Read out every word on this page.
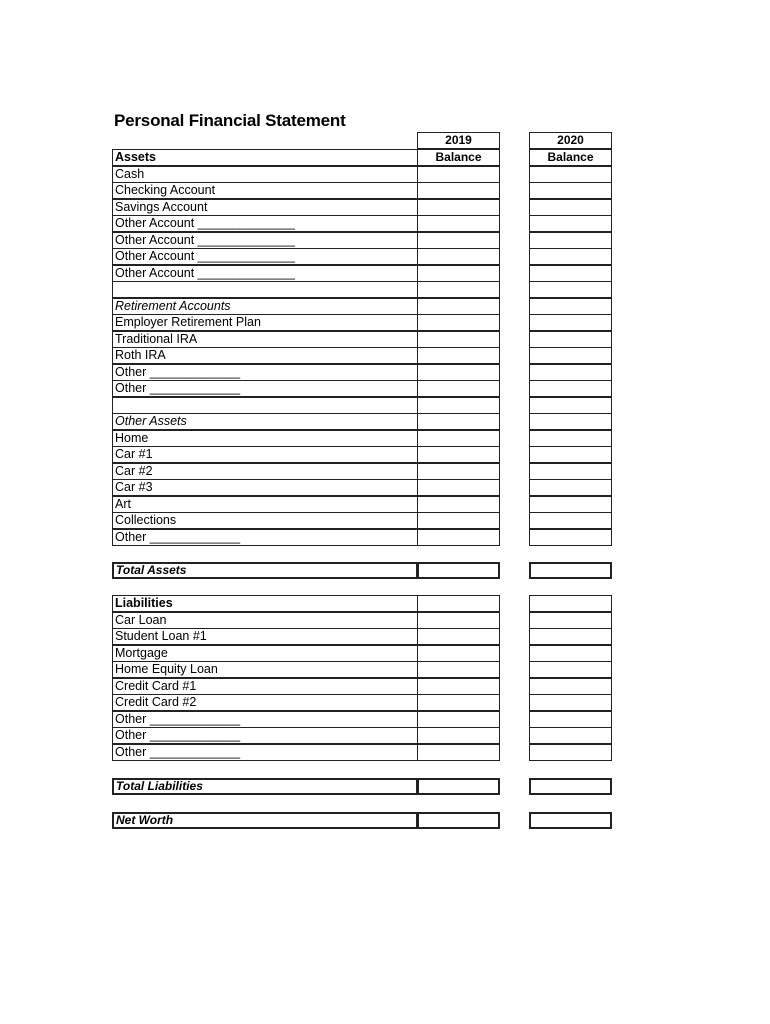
Personal Financial Statement
2019	2020
Assets	Balance	Balance
Cash
Checking Account
Savings Account
Other Account ______________
Other Account ______________
Other Account ______________
Other Account ______________
Retirement Accounts
Employer Retirement Plan
Traditional IRA
Roth IRA
Other _____________
Other _____________
Other Assets
Home
Car #1
Car #2
Car #3
Art
Collections
Other _____________
Total Assets
Liabilities
Car Loan
Student Loan #1
Mortgage
Home Equity Loan
Credit Card #1
Credit Card #2
Other _____________
Other _____________
Other _____________
Total Liabilities
Net Worth
